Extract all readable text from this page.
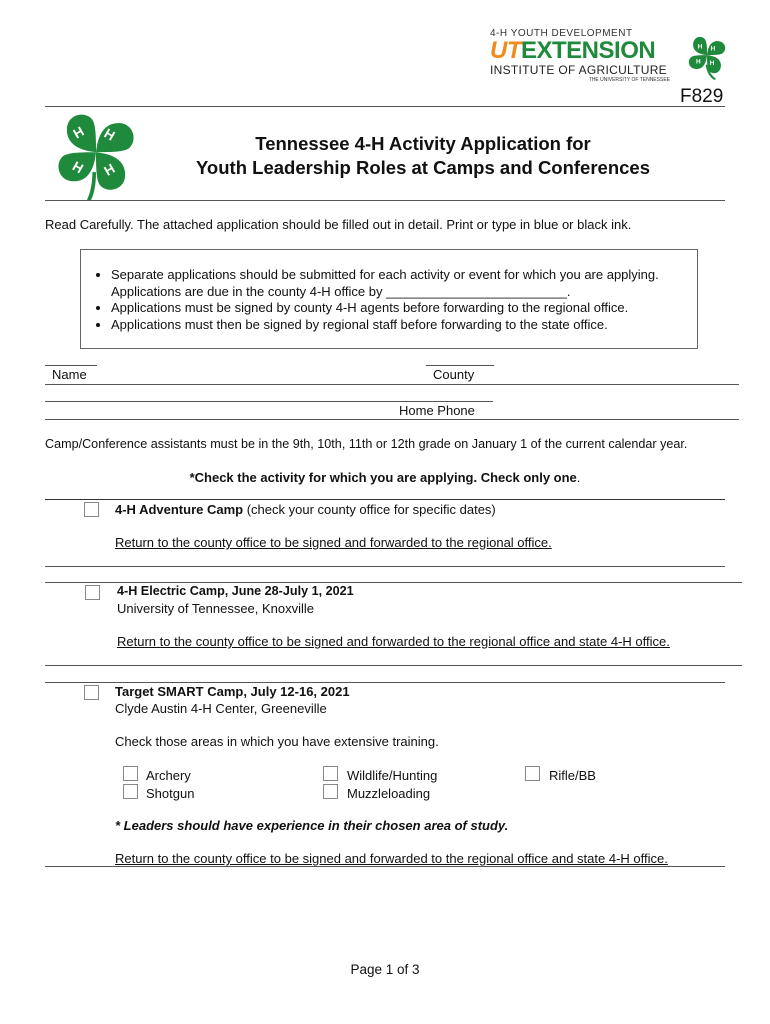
4-H YOUTH DEVELOPMENT
UTEXTENSION
INSTITUTE OF AGRICULTURE
THE UNIVERSITY OF TENNESSEE
H H
H
H
F829
H H
H
H
Tennessee 4-H Activity Application for
Youth Leadership Roles at Camps and Conferences
Read Carefully. The attached application should be filled out in detail. Print or type in blue or black ink.
• Separate applications should be submitted for each activity or event for which you are applying. Applications are due in the county 4-H office by _________________________.
• Applications must be signed by county 4-H agents before forwarding to the regional office.
• Applications must then be signed by regional staff before forwarding to the state office.
Name	County
Home Phone
Camp/Conference assistants must be in the 9th, 10th, 11th or 12th grade on January 1 of the current calendar year.
*Check the activity for which you are applying. Check only one.
4-H Adventure Camp (check your county office for specific dates)
Return to the county office to be signed and forwarded to the regional office.
4-H Electric Camp, June 28-July 1, 2021
University of Tennessee, Knoxville
Return to the county office to be signed and forwarded to the regional office and state 4-H office.
Target SMART Camp, July 12-16, 2021
Clyde Austin 4-H Center, Greeneville
Check those areas in which you have extensive training.
Archery
Shotgun
Wildlife/Hunting
Muzzleloading
Rifle/BB
* Leaders should have experience in their chosen area of study.
Return to the county office to be signed and forwarded to the regional office and state 4-H office.
Page 1 of 3
